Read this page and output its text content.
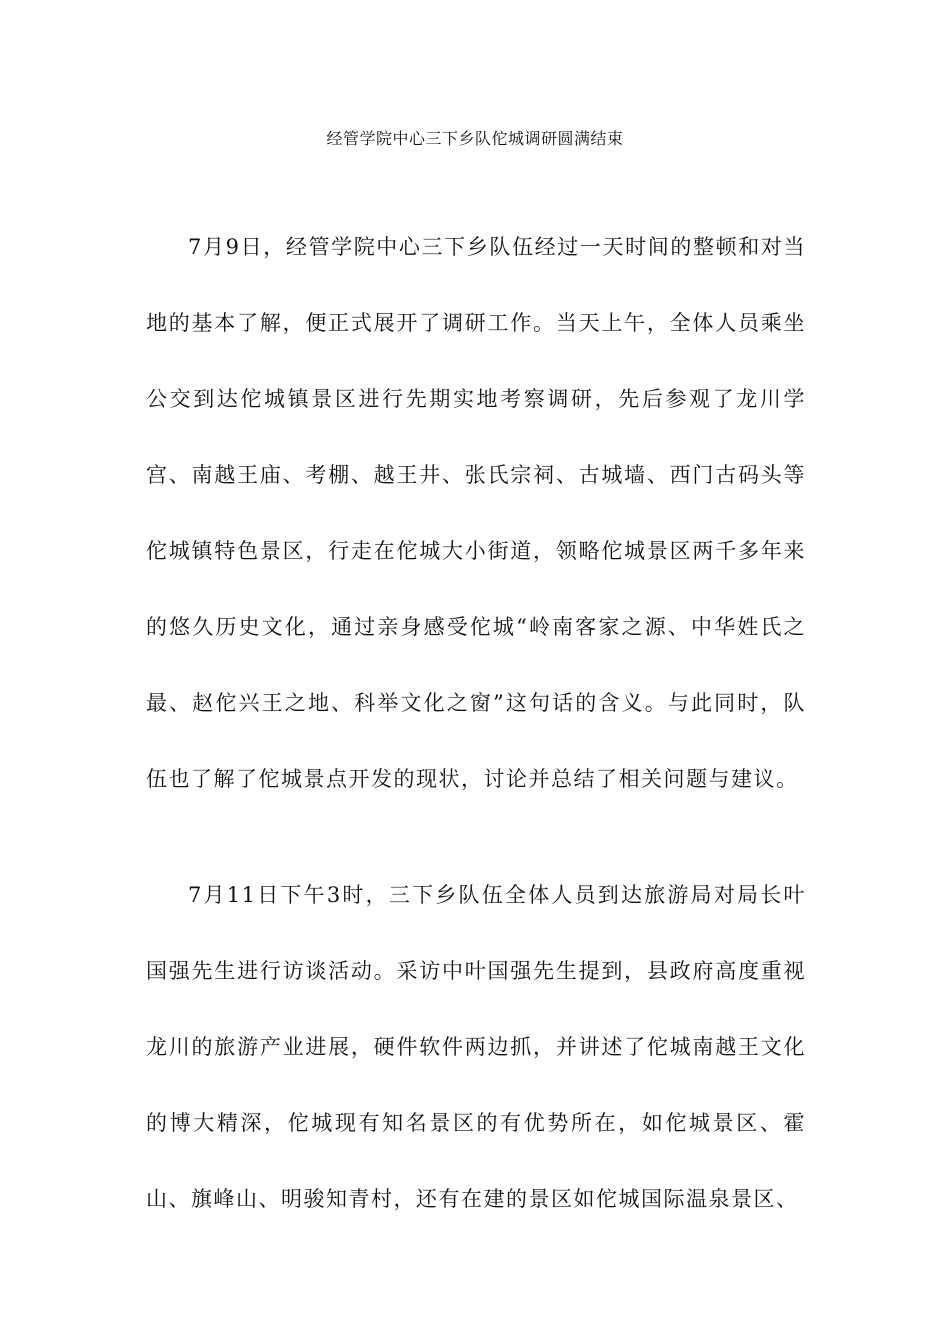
经管学院中心三下乡队佗城调研圆满结束

7月9日，经管学院中心三下乡队伍经过一天时间的整顿和对当地的基本了解，便正式展开了调研工作。当天上午，全体人员乘坐公交到达佗城镇景区进行先期实地考察调研，先后参观了龙川学宫、南越王庙、考棚、越王井、张氏宗祠、古城墙、西门古码头等佗城镇特色景区，行走在佗城大小街道，领略佗城景区两千多年来的悠久历史文化，通过亲身感受佗城“岭南客家之源、中华姓氏之最、赵佗兴王之地、科举文化之窗”这句话的含义。与此同时，队伍也了解了佗城景点开发的现状，讨论并总结了相关问题与建议。

7月11日下午3时，三下乡队伍全体人员到达旅游局对局长叶国强先生进行访谈活动。采访中叶国强先生提到，县政府高度重视龙川的旅游产业进展，硬件软件两边抓，并讲述了佗城南越王文化的博大精深，佗城现有知名景区的有优势所在，如佗城景区、霍山、旗峰山、明骏知青村，还有在建的景区如佗城国际温泉景区、
